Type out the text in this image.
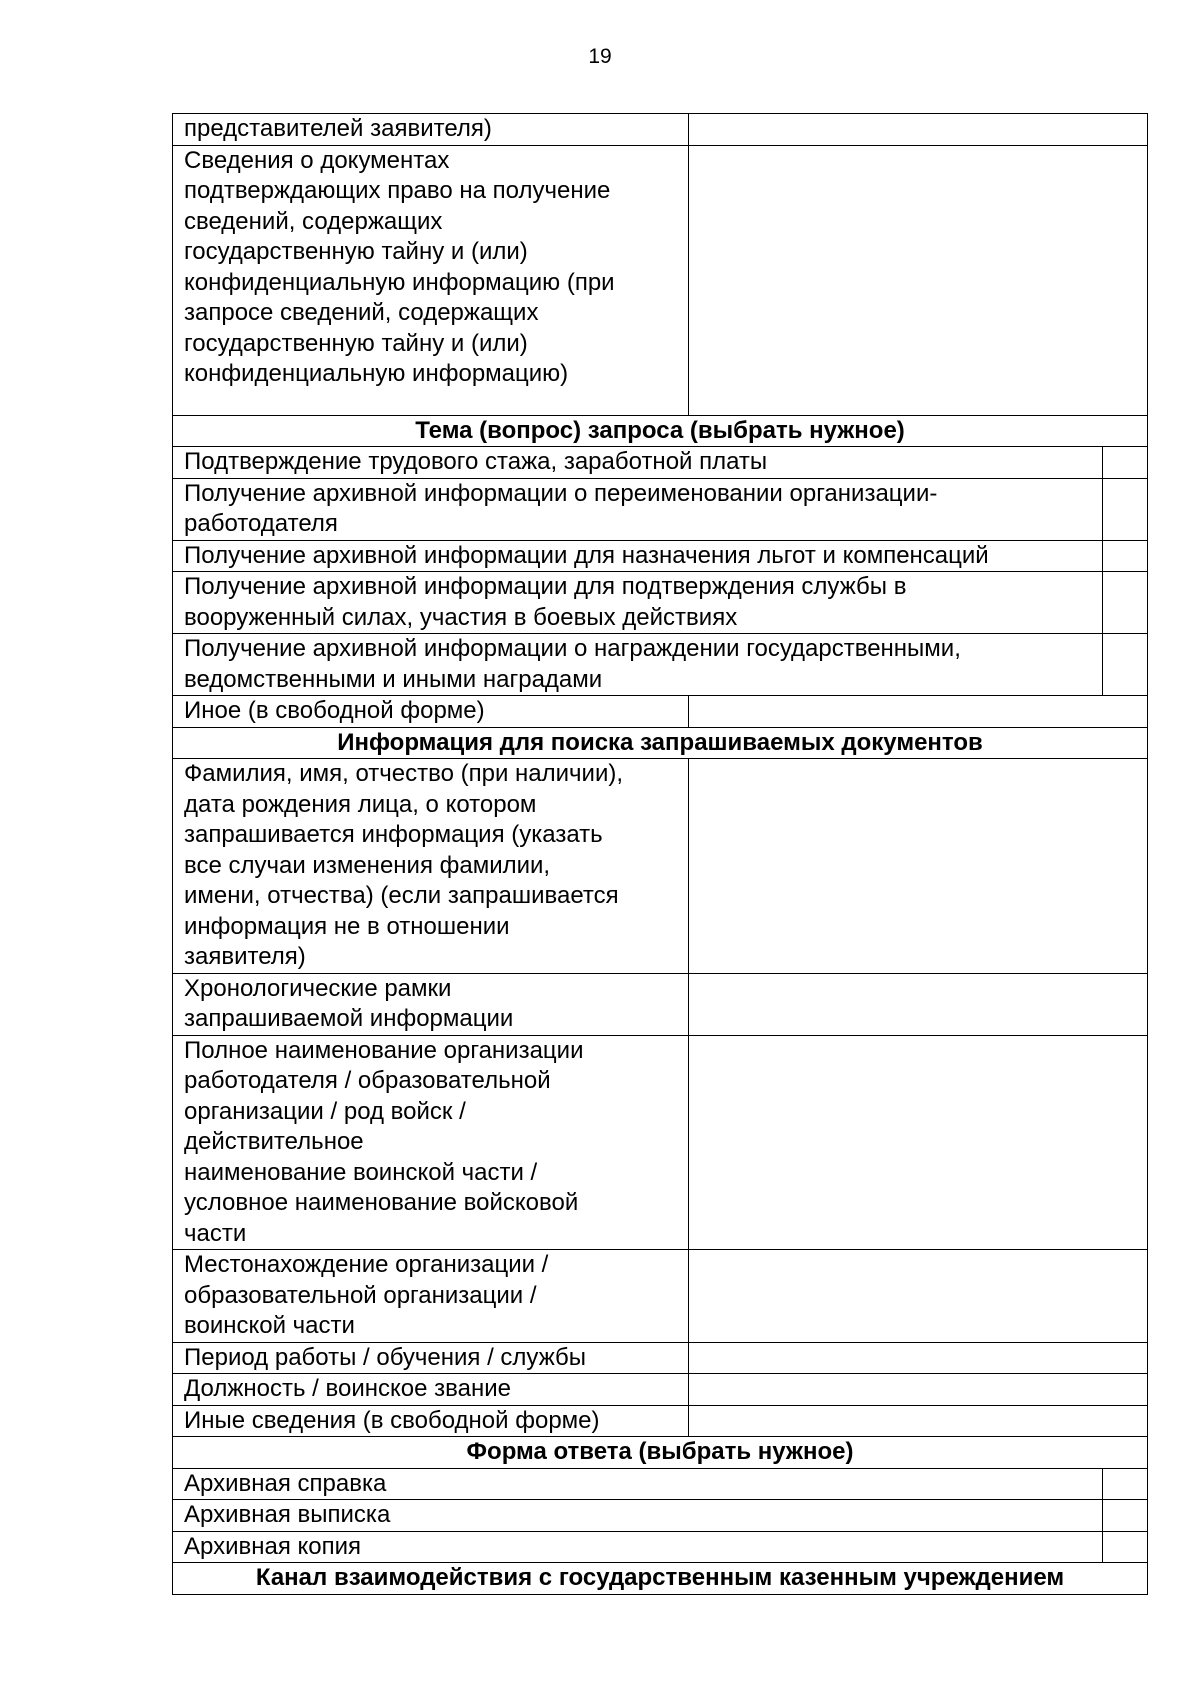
19
представителей заявителя)
Сведения о документах
подтверждающих право на получение
сведений, содержащих
государственную тайну и (или)
конфиденциальную информацию (при
запросе сведений, содержащих
государственную тайну и (или)
конфиденциальную информацию)
Тема (вопрос) запроса (выбрать нужное)
Подтверждение трудового стажа, заработной платы
Получение архивной информации о переименовании организации-
работодателя
Получение архивной информации для назначения льгот и компенсаций
Получение архивной информации для подтверждения службы в
вооруженный силах, участия в боевых действиях
Получение архивной информации о награждении государственными,
ведомственными и иными наградами
Иное (в свободной форме)
Информация для поиска запрашиваемых документов
Фамилия, имя, отчество (при наличии),
дата рождения лица, о котором
запрашивается информация (указать
все случаи изменения фамилии,
имени, отчества) (если запрашивается
информация не в отношении
заявителя)
Хронологические рамки
запрашиваемой информации
Полное наименование организации
работодателя / образовательной
организации / род войск /
действительное
наименование воинской части /
условное наименование войсковой
части
Местонахождение организации /
образовательной организации /
воинской части
Период работы / обучения / службы
Должность / воинское звание
Иные сведения (в свободной форме)
Форма ответа (выбрать нужное)
Архивная справка
Архивная выписка
Архивная копия
Канал взаимодействия с государственным казенным учреждением
